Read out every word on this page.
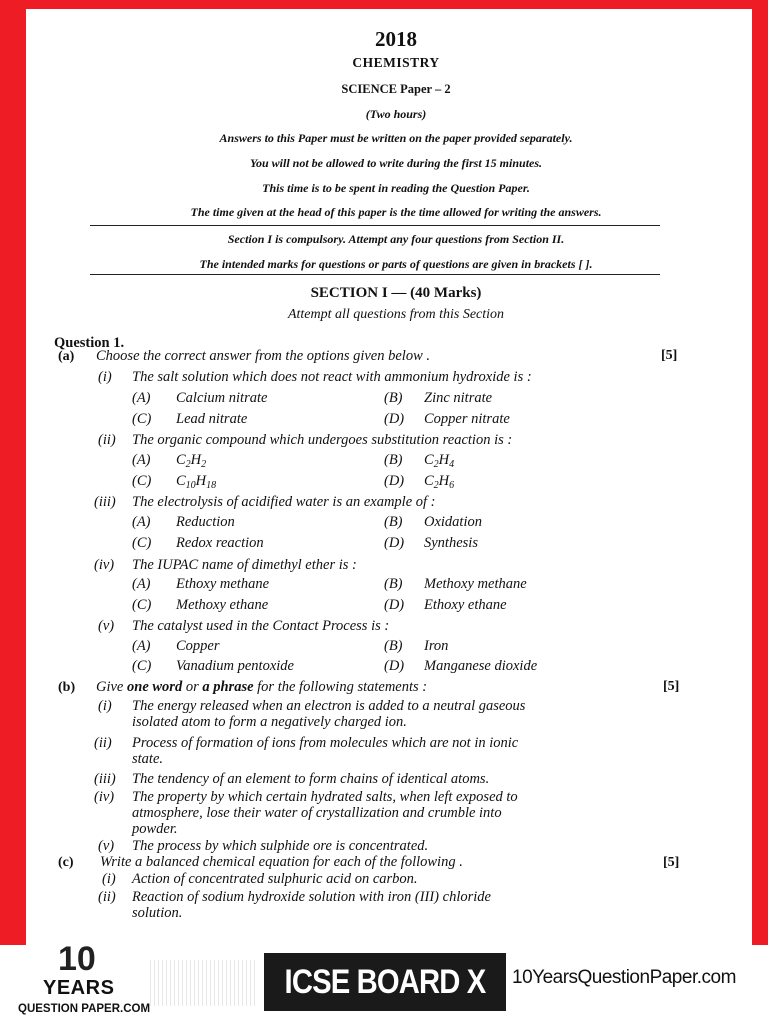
2018
CHEMISTRY
SCIENCE Paper – 2
(Two hours)
Answers to this Paper must be written on the paper provided separately.
You will not be allowed to write during the first 15 minutes.
This time is to be spent in reading the Question Paper.
The time given at the head of this paper is the time allowed for writing the answers.
Section I is compulsory. Attempt any four questions from Section II.
The intended marks for questions or parts of questions are given in brackets [ ].
SECTION I — (40 Marks)
Attempt all questions from this Section
Question 1.
(a) Choose the correct answer from the options given below .	[5]
(i) The salt solution which does not react with ammonium hydroxide is :
(A) Calcium nitrate	(B) Zinc nitrate
(C) Lead nitrate	(D) Copper nitrate
(ii) The organic compound which undergoes substitution reaction is :
(A) $C_2H_2$	(B) $C_2H_4$
(C) $C_{10}H_{18}$	(D) $C_2H_6$
(iii) The electrolysis of acidified water is an example of :
(A) Reduction	(B) Oxidation
(C) Redox reaction	(D) Synthesis
(iv) The IUPAC name of dimethyl ether is :
(A) Ethoxy methane	(B) Methoxy methane
(C) Methoxy ethane	(D) Ethoxy ethane
(v) The catalyst used in the Contact Process is :
(A) Copper	(B) Iron
(C) Vanadium pentoxide	(D) Manganese dioxide
(b) Give one word or a phrase for the following statements :	[5]
(i) The energy released when an electron is added to a neutral gaseous
isolated atom to form a negatively charged ion.
(ii) Process of formation of ions from molecules which are not in ionic
state.
(iii) The tendency of an element to form chains of identical atoms.
(iv) The property by which certain hydrated salts, when left exposed to
atmosphere, lose their water of crystallization and crumble into
powder.
(v) The process by which sulphide ore is concentrated.
(c) Write a balanced chemical equation for each of the following .	[5]
(i) Action of concentrated sulphuric acid on carbon.
(ii) Reaction of sodium hydroxide solution with iron (III) chloride
solution.
10
YEARS
QUESTION PAPER.COM
ICSE BOARD X 10YearsQuestionPaper.com
